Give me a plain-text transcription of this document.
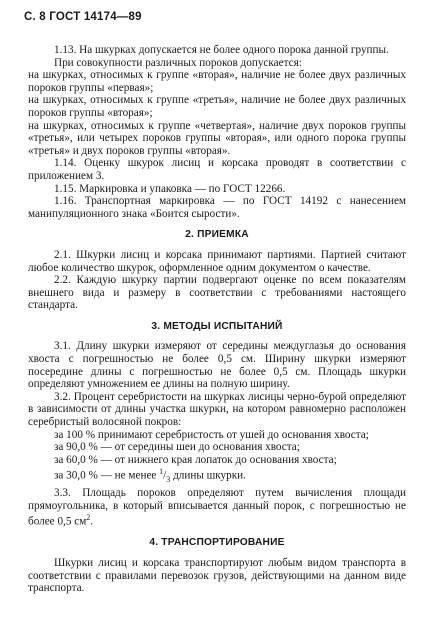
С. 8 ГОСТ 14174—89

1.13. На шкурках допускается не более одного порока данной группы.

При совокупности различных пороков допускается:

на шкурках, относимых к группе «вторая», наличие не более двух различных пороков группы «первая»;

на шкурках, относимых к группе «третья», наличие не более двух различных пороков группы «вторая»;

на шкурках, относимых к группе «четвертая», наличие двух пороков группы «третья», или четырех пороков группы «вторая», или одного порока группы «третья» и двух пороков группы «вторая».

1.14. Оценку шкурок лисиц и корсака проводят в соответствии с приложением 3.

1.15. Маркировка и упаковка — по ГОСТ 12266.

1.16. Транспортная маркировка — по ГОСТ 14192 с нанесением манипуляционного знака «Боится сырости».

2. ПРИЕМКА

2.1. Шкурки лисиц и корсака принимают партиями. Партией считают любое количество шкурок, оформленное одним документом о качестве.

2.2. Каждую шкурку партии подвергают оценке по всем показателям внешнего вида и размеру в соответствии с требованиями настоящего стандарта.

3. МЕТОДЫ ИСПЫТАНИЙ

3.1. Длину шкурки измеряют от середины междуглазья до основания хвоста с погрешностью не более 0,5 см. Ширину шкурки измеряют посередине длины с погрешностью не более 0,5 см. Площадь шкурки определяют умножением ее длины на полную ширину.

3.2. Процент серебристости на шкурках лисицы черно-бурой определяют в зависимости от длины участка шкурки, на котором равномерно расположен серебристый волосяной покров:

за 100 % принимают серебристость от ушей до основания хвоста;

за 90,0 % — от середины шеи до основания хвоста;

за 60,0 % — от нижнего края лопаток до основания хвоста;

за 30,0 % — не менее $^1/_3$ длины шкурки.

3.3. Площадь пороков определяют путем вычисления площади прямоугольника, в который вписывается данный порок, с погрешностью не более 0,5 $см^2$.

4. ТРАНСПОРТИРОВАНИЕ

Шкурки лисиц и корсака транспортируют любым видом транспорта в соответствии с правилами перевозок грузов, действующими на данном виде транспорта.
